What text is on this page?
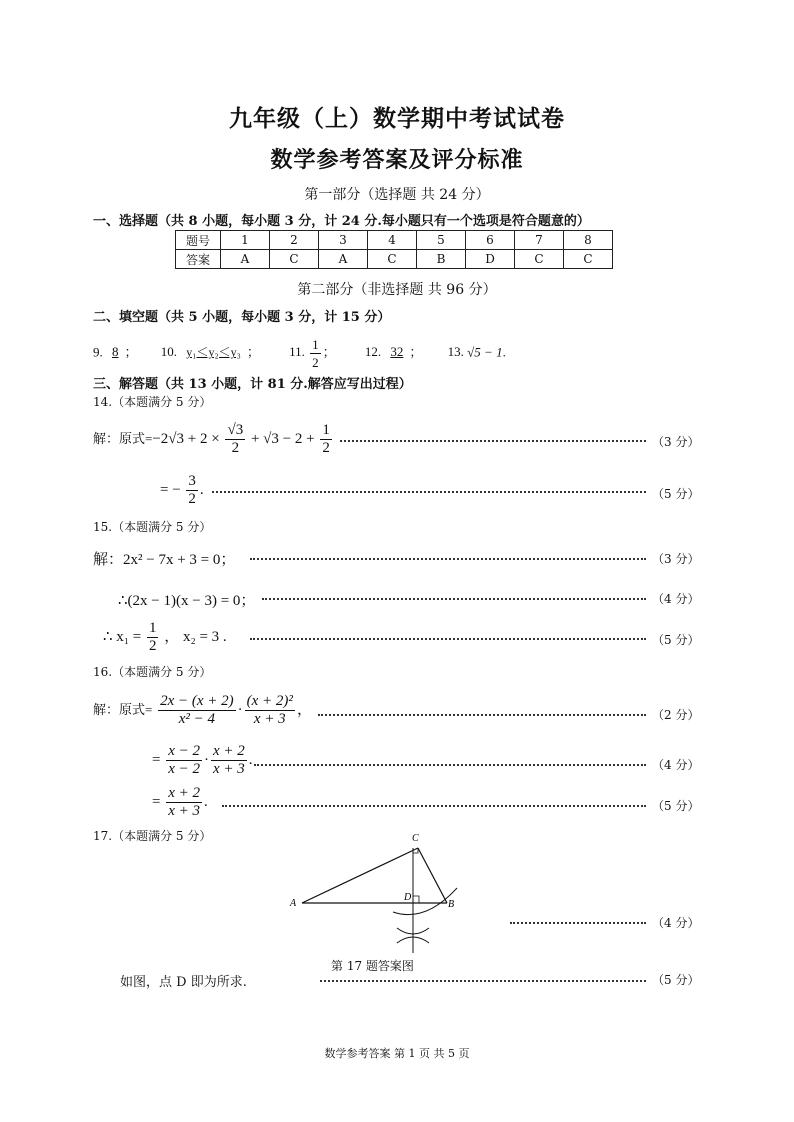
九年级（上）数学期中考试试卷
数学参考答案及评分标准
第一部分（选择题 共 24 分）
一、选择题（共 8 小题，每小题 3 分，计 24 分.每小题只有一个选项是符合题意的）
题号	1	2	3	4	5	6	7	8
答案	A	C	A	C	B	D	C	C
第二部分（非选择题 共 96 分）
二、填空题（共 5 小题，每小题 3 分，计 15 分）
9. 8 ； 10. y₁＜y₂＜y₃ ； 11. $\frac{1}{2}$ ； 12. 32 ； 13. √5 − 1.
三、解答题（共 13 小题，计 81 分.解答应写出过程）
14.（本题满分 5 分）
解：原式$=-2√3 + 2 \times \frac{√3}{2} + √3 - 2 + \frac{1}{2}$	（3 分）
= − $\frac{3}{2}$ .	（5 分）
15.（本题满分 5 分）
解：2x² − 7x + 3 = 0；	（3 分）
∴(2x − 1)(x − 3) = 0；	（4 分）
∴ $x_1 = \frac{1}{2}$ ， x₂ = 3 .	（5 分）
16.（本题满分 5 分）
解：原式= $\frac{2x - (x + 2)}{\text{x² − 4}} \cdot \frac{\text{(x + 2)²}}{x + 3}$ ，	（2 分）
= $\frac{x - 2}{x - 2} \cdot \frac{x + 2}{x + 3}$ .	（4 分）
= $\frac{x + 2}{x + 3}$ .	（5 分）
17.（本题满分 5 分）
A
C
D
B
（4 分）
第 17 题答案图
如图，点 D 即为所求.	（5 分）
数学参考答案 第 1 页 共 5 页
